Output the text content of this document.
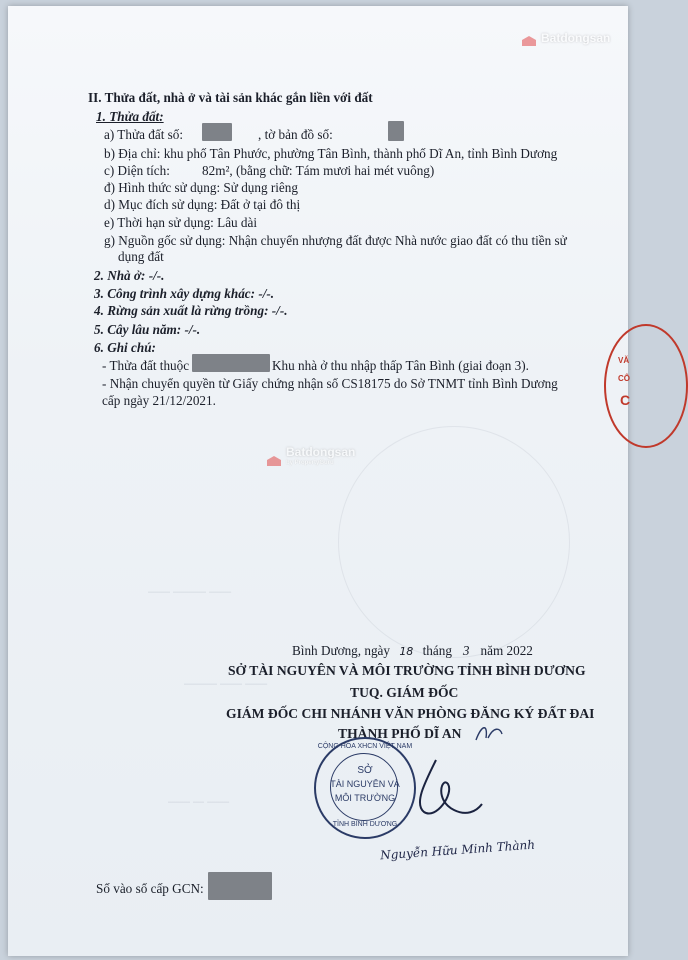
Batdongsan
Batdongsan
by PropertyGuru
II. Thửa đất, nhà ở và tài sản khác gắn liền với đất
1. Thửa đất:
a) Thửa đất số:	, tờ bản đồ số:
b) Địa chỉ: khu phố Tân Phước, phường Tân Bình, thành phố Dĩ An, tỉnh Bình Dương
c) Diện tích: 82m², (bằng chữ: Tám mươi hai mét vuông)
đ) Hình thức sử dụng: Sử dụng riêng
d) Mục đích sử dụng: Đất ở tại đô thị
e) Thời hạn sử dụng: Lâu dài
g) Nguồn gốc sử dụng: Nhận chuyển nhượng đất được Nhà nước giao đất có thu tiền sử
dụng đất
2. Nhà ở: -/-.
3. Công trình xây dựng khác: -/-.
4. Rừng sản xuất là rừng trồng: -/-.
5. Cây lâu năm: -/-.
6. Ghi chú:
- Thửa đất thuộc	Khu nhà ở thu nhập thấp Tân Bình (giai đoạn 3).
- Nhận chuyển quyền từ Giấy chứng nhận số CS18175 do Sở TNMT tỉnh Bình Dương
cấp ngày 21/12/2021.
VĂ
CÔ
C
—— ——— ——
——— —— ——
—— — ——
Bình Dương, ngày 18 tháng 3 năm 2022
SỞ TÀI NGUYÊN VÀ MÔI TRƯỜNG TỈNH BÌNH DƯƠNG
TUQ. GIÁM ĐỐC
GIÁM ĐỐC CHI NHÁNH VĂN PHÒNG ĐĂNG KÝ ĐẤT ĐAI
THÀNH PHỐ DĨ AN
CỘNG HÒA XHCN VIỆT NAM
SỞ
TÀI NGUYÊN VÀ
MÔI TRƯỜNG
TỈNH BÌNH DƯƠNG
Nguyễn Hữu Minh Thành
Số vào sổ cấp GCN:
